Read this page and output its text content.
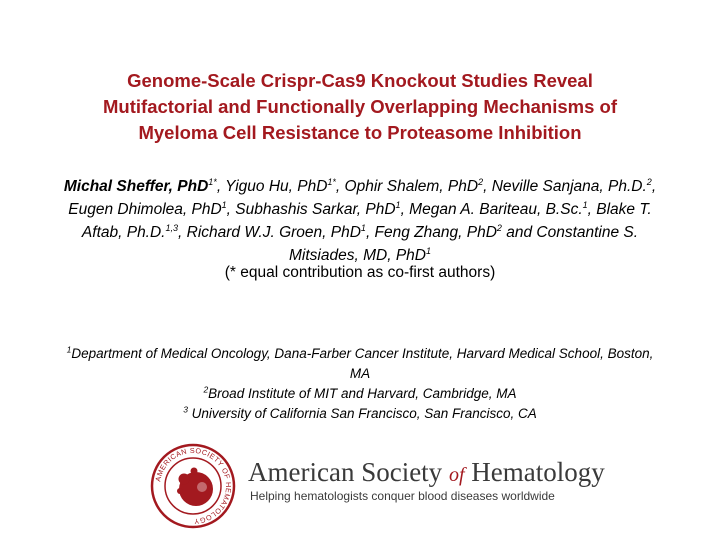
Genome-Scale Crispr-Cas9 Knockout Studies Reveal
Mutifactorial and Functionally Overlapping Mechanisms of
Myeloma Cell Resistance to Proteasome Inhibition
Michal Sheffer, PhD$^{1*}$, Yiguo Hu, PhD$^{1*}$, Ophir Shalem, PhD$^2$, Neville Sanjana, Ph.D.$^2$, Eugen Dhimolea, PhD$^1$, Subhashis Sarkar, PhD$^1$, Megan A. Bariteau, B.Sc.$^1$, Blake T. Aftab, Ph.D.$^{1,3}$, Richard W.J. Groen, PhD$^1$, Feng Zhang, PhD$^2$ and Constantine S. Mitsiades, MD, PhD$^1$
(* equal contribution as co-first authors)
$^1$Department of Medical Oncology, Dana-Farber Cancer Institute, Harvard Medical School, Boston, MA
$^2$Broad Institute of MIT and Harvard, Cambridge, MA
$^3$ University of California San Francisco, San Francisco, CA
AMERICAN SOCIETY OF HEMATOLOGY
American Society of Hematology
Helping hematologists conquer blood diseases worldwide
